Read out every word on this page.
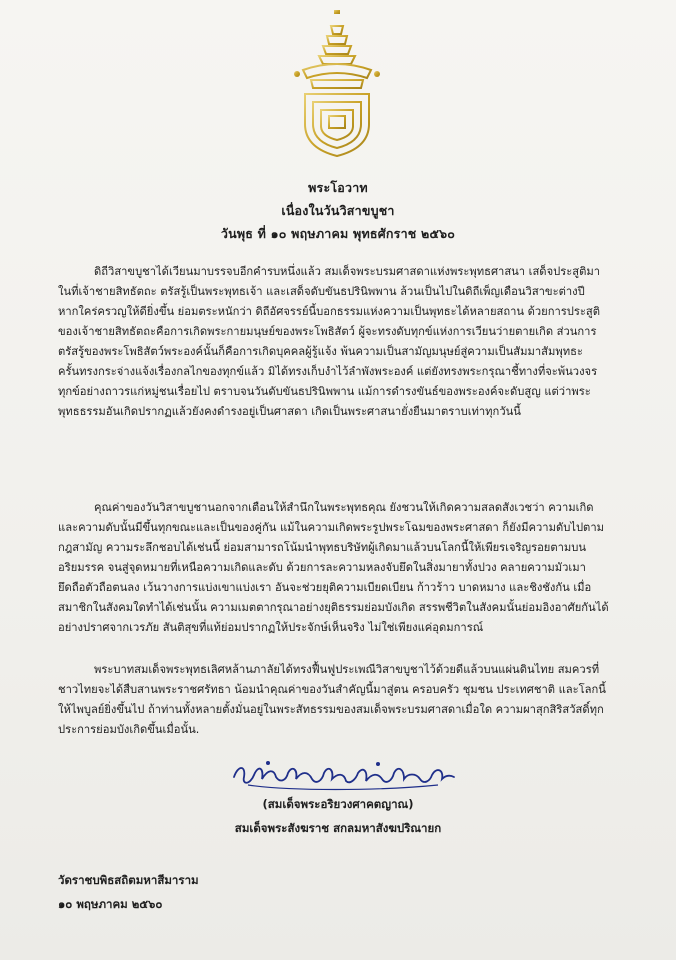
พระโอวาท
เนื่องในวันวิสาขบูชา
วันพุธ ที่ ๑๐ พฤษภาคม พุทธศักราช ๒๕๖๐
ดิถีวิสาขบูชาได้เวียนมาบรรจบอีกคำรบหนึ่งแล้ว สมเด็จพระบรมศาสดาแห่งพระพุทธศาสนา เสด็จประสูติมา
ในที่เจ้าชายสิทธัตถะ ตรัสรู้เป็นพระพุทธเจ้า และเสด็จดับขันธปรินิพพาน ล้วนเป็นไปในดิถีเพ็ญเดือนวิสาขะต่างปี
หากใคร่ครวญให้ดียิ่งขึ้น ย่อมตระหนักว่า ดิถีอัศจรรย์นี้บอกธรรมแห่งความเป็นพุทธะได้หลายสถาน ด้วยการประสูติ
ของเจ้าชายสิทธัตถะคือการเกิดพระกายมนุษย์ของพระโพธิสัตว์ ผู้จะทรงดับทุกข์แห่งการเวียนว่ายตายเกิด ส่วนการ
ตรัสรู้ของพระโพธิสัตว์พระองค์นั้นก็คือการเกิดบุคคลผู้รู้แจ้ง พ้นความเป็นสามัญมนุษย์สู่ความเป็นสัมมาสัมพุทธะ
ครั้นทรงกระจ่างแจ้งเรื่องกลไกของทุกข์แล้ว มิได้ทรงเก็บงำไว้ลำพังพระองค์ แต่ยังทรงพระกรุณาชี้ทางที่จะพ้นวงจร
ทุกข์อย่างถาวรแก่หมู่ชนเรื่อยไป ตราบจนวันดับขันธปรินิพพาน แม้การดำรงขันธ์ของพระองค์จะดับสูญ แต่ว่าพระ
พุทธธรรมอันเกิดปรากฏแล้วยังคงดำรงอยู่เป็นศาสดา เกิดเป็นพระศาสนายั่งยืนมาตราบเท่าทุกวันนี้
คุณค่าของวันวิสาขบูชานอกจากเตือนให้สำนึกในพระพุทธคุณ ยังชวนให้เกิดความสลดสังเวชว่า ความเกิด
และความดับนั้นมีขึ้นทุกขณะและเป็นของคู่กัน แม้ในความเกิดพระรูปพระโฉมของพระศาสดา ก็ยังมีความดับไปตาม
กฎสามัญ ความระลึกชอบได้เช่นนี้ ย่อมสามารถโน้มนำพุทธบริษัทผู้เกิดมาแล้วบนโลกนี้ให้เพียรเจริญรอยตามบน
อริยมรรค จนสู่จุดหมายที่เหนือความเกิดและดับ ด้วยการละความหลงจับยึดในสิ่งมายาทั้งปวง คลายความมัวเมา
ยึดถือตัวถือตนลง เว้นวางการแบ่งเขาแบ่งเรา อันจะช่วยยุติความเบียดเบียน ก้าวร้าว บาดหมาง และชิงชังกัน เมื่อ
สมาชิกในสังคมใดทำได้เช่นนั้น ความเมตตากรุณาอย่างยุติธรรมย่อมบังเกิด สรรพชีวิตในสังคมนั้นย่อมอิงอาศัยกันได้
อย่างปราศจากเวรภัย สันติสุขที่แท้ย่อมปรากฏให้ประจักษ์เห็นจริง ไม่ใช่เพียงแค่อุดมการณ์
พระบาทสมเด็จพระพุทธเลิศหล้านภาลัยได้ทรงฟื้นฟูประเพณีวิสาขบูชาไว้ด้วยดีแล้วบนแผ่นดินไทย สมควรที่
ชาวไทยจะได้สืบสานพระราชศรัทธา น้อมนำคุณค่าของวันสำคัญนี้มาสู่ตน ครอบครัว ชุมชน ประเทศชาติ และโลกนี้
ให้ไพบูลย์ยิ่งขึ้นไป ถ้าท่านทั้งหลายตั้งมั่นอยู่ในพระสัทธรรมของสมเด็จพระบรมศาสดาเมื่อใด ความผาสุกสิริสวัสดิ์ทุก
ประการย่อมบังเกิดขึ้นเมื่อนั้น.
(สมเด็จพระอริยวงศาคตญาณ)
สมเด็จพระสังฆราช สกลมหาสังฆปริณายก
วัดราชบพิธสถิตมหาสีมาราม
๑๐ พฤษภาคม ๒๕๖๐
